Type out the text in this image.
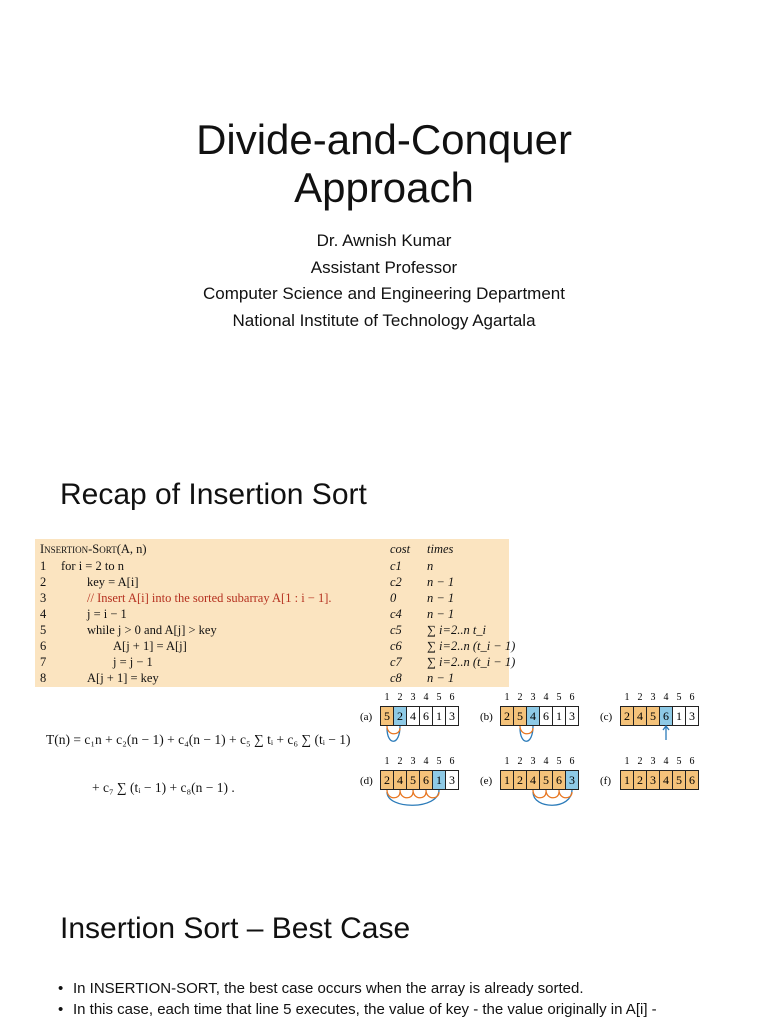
Divide-and-Conquer
Approach
Dr. Awnish Kumar
Assistant Professor
Computer Science and Engineering Department
National Institute of Technology Agartala
Recap of Insertion Sort
Insertion-Sort(A, n)	cost times
1	for i = 2 to n	c1 n
2	key = A[i]	c2 n − 1
3	// Insert A[i] into the sorted subarray A[1 : i − 1].	0 n − 1
4	j = i − 1	c4 n − 1
5	while j > 0 and A[j] > key	c5 ∑ i=2..n t_i
6	A[j + 1] = A[j]	c6 ∑ i=2..n (t_i − 1)
7	j = j − 1	c7 ∑ i=2..n (t_i − 1)
8	A[j + 1] = key	c8 n − 1
T(n) = c₁n + c₂(n − 1) + c₄(n − 1) + c₅ ∑ tᵢ + c₆ ∑ (tᵢ − 1)
+ c₇ ∑ (tᵢ − 1) + c₈(n − 1) .
(a)
1
5
2
2
3
4
4
6
5
1
6
3	(b)
1
2
2
5
3
4
4
6
5
1
6
3	(c)
1
2
2
4
3
5
4
6
5
1
6
3
(d)
1
2
2
4
3
5
4
6
5
1
6
3	(e)
1
1
2
2
3
4
4
5
5
6
6
3	(f)
1
1
2
2
3
3
4
4
5
5
6
6
Insertion Sort – Best Case
• In INSERTION-SORT, the best case occurs when the array is already sorted.
• In this case, each time that line 5 executes, the value of key - the value originally in A[i] -
